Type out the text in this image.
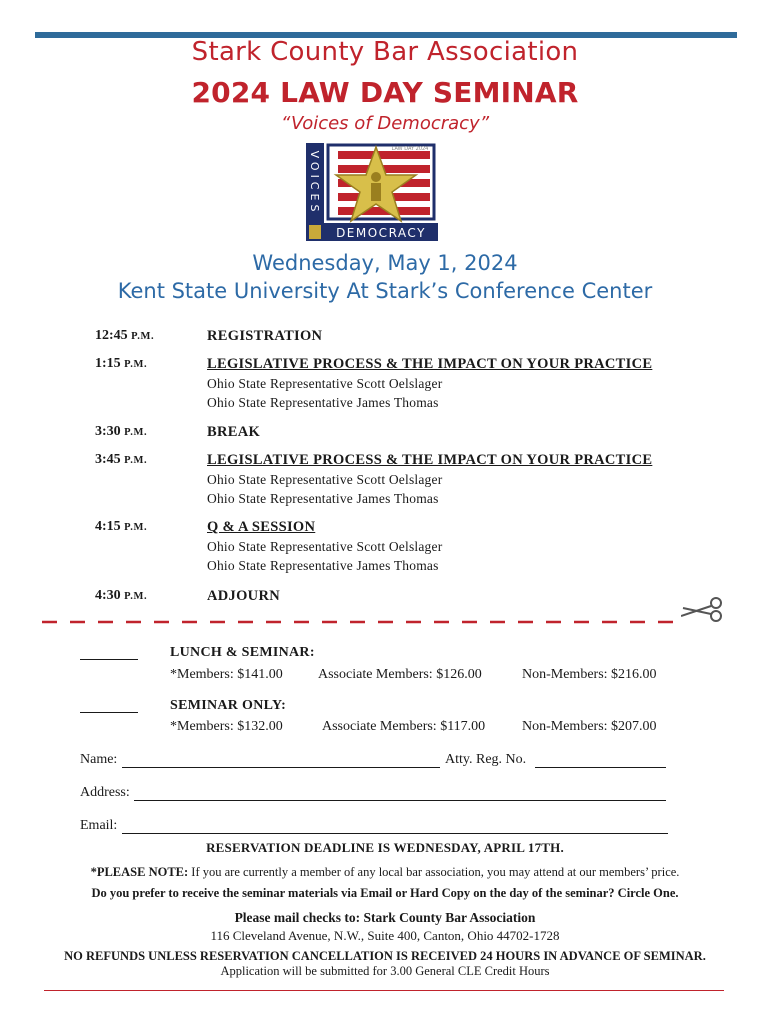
Stark County Bar Association
2024 LAW DAY SEMINAR
“Voices of Democracy”
VOICES
LAW DAY 2024
DEMOCRACY
Wednesday, May 1, 2024
Kent State University At Stark’s Conference Center
12:45 P.M.	REGISTRATION
1:15 P.M.	LEGISLATIVE PROCESS & THE IMPACT ON YOUR PRACTICE
Ohio State Representative Scott Oelslager
Ohio State Representative James Thomas
3:30 P.M.	BREAK
3:45 P.M.	LEGISLATIVE PROCESS & THE IMPACT ON YOUR PRACTICE
Ohio State Representative Scott Oelslager
Ohio State Representative James Thomas
4:15 P.M.	Q & A SESSION
Ohio State Representative Scott Oelslager
Ohio State Representative James Thomas
4:30 P.M.	ADJOURN
LUNCH & SEMINAR:
*Members: $141.00	Associate Members: $126.00	Non-Members: $216.00
SEMINAR ONLY:
*Members: $132.00	Associate Members: $117.00	Non-Members: $207.00
Name:	Atty. Reg. No.
Address:
Email:
RESERVATION DEADLINE IS WEDNESDAY, APRIL 17TH.
*PLEASE NOTE: If you are currently a member of any local bar association, you may attend at our members’ price.
Do you prefer to receive the seminar materials via Email or Hard Copy on the day of the seminar? Circle One.
Please mail checks to: Stark County Bar Association
116 Cleveland Avenue, N.W., Suite 400, Canton, Ohio 44702-1728
NO REFUNDS UNLESS RESERVATION CANCELLATION IS RECEIVED 24 HOURS IN ADVANCE OF SEMINAR.
Application will be submitted for 3.00 General CLE Credit Hours
